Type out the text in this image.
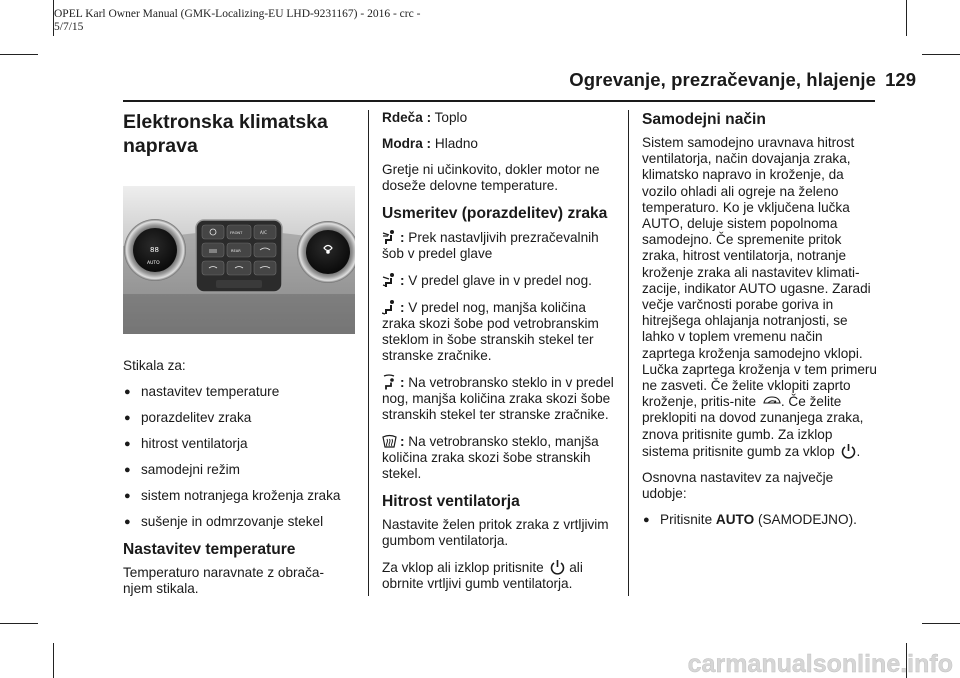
OPEL Karl Owner Manual (GMK-Localizing-EU LHD-9231167) - 2016 - crc -
5/7/15
Ogrevanje, prezračevanje, hlajenje 129
Elektronska klimatska
naprava
88
AUTO
FRONT	A/C
REAR

Stikala za:

● nastavitev temperature
● porazdelitev zraka
● hitrost ventilatorja
● samodejni režim
● sistem notranjega kroženja zraka
● sušenje in odmrzovanje stekel
Nastavitev temperature

Temperaturo naravnate z obrača-njem stikala.

Rdeča : Toplo

Modra : Hladno

Gretje ni učinkovito, dokler motor ne doseže delovne temperature.

Usmeritev (porazdelitev) zraka

: Prek nastavljivih prezračevalnih šob v predel glave

: V predel glave in v predel nog.

: V predel nog, manjša količina zraka skozi šobe pod vetrobranskim steklom in šobe stranskih stekel ter stranske zračnike.

: Na vetrobransko steklo in v predel nog, manjša količina zraka skozi šobe stranskih stekel ter stranske zračnike.

: Na vetrobransko steklo, manjša količina zraka skozi šobe stranskih stekel.

Hitrost ventilatorja

Nastavite želen pritok zraka z vrtljivim gumbom ventilatorja.

Za vklop ali izklop pritisnite  ali obrnite vrtljivi gumb ventilatorja.

Samodejni način

Sistem samodejno uravnava hitrost ventilatorja, način dovajanja zraka, klimatsko napravo in kroženje, da vozilo ohladi ali ogreje na želeno temperaturo. Ko je vključena lučka AUTO, deluje sistem popolnoma samodejno. Če spremenite pritok zraka, hitrost ventilatorja, notranje kroženje zraka ali nastavitev klimati-zacije, indikator AUTO ugasne. Zaradi večje varčnosti porabe goriva in hitrejšega ohlajanja notranjosti, se lahko v toplem vremenu način zaprtega kroženja samodejno vklopi. Lučka zaprtega kroženja v tem primeru ne zasveti. Če želite vklopiti zaprto kroženje, pritis-nite . Če želite preklopiti na dovod zunanjega zraka, znova pritisnite gumb. Za izklop sistema pritisnite gumb za vklop .

Osnovna nastavitev za največje udobje:

● Pritisnite AUTO (SAMODEJNO).
carmanualsonline.info
